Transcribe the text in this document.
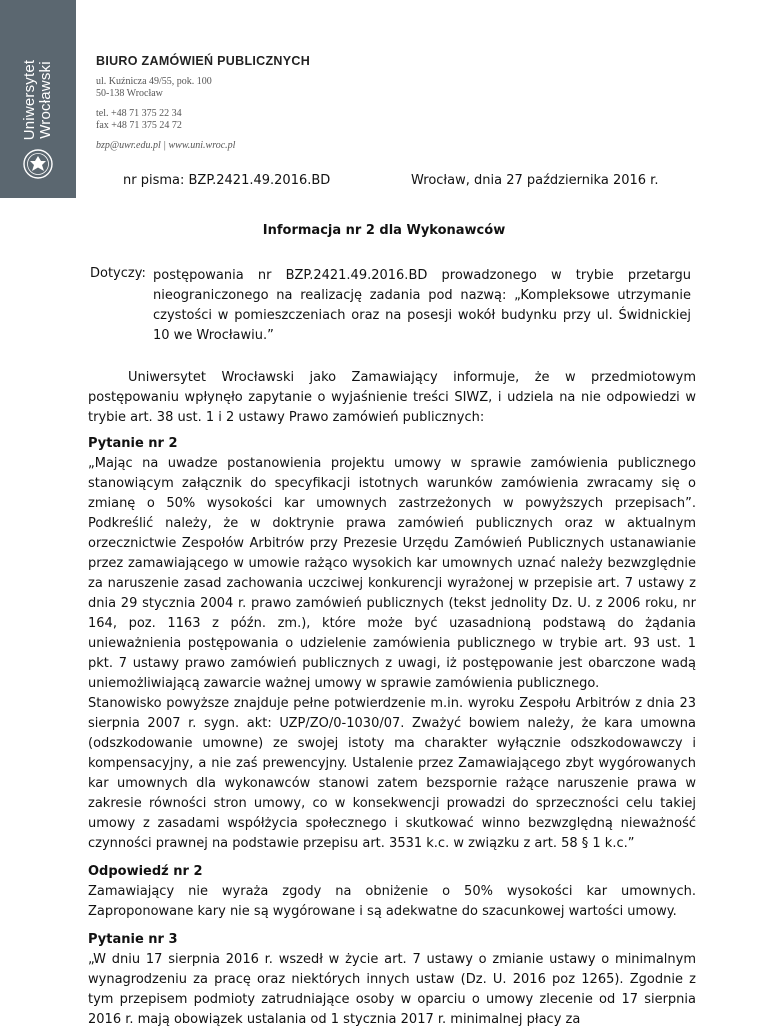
Uniwersytet Wrocławski
BIURO ZAMÓWIEŃ PUBLICZNYCH
ul. Kuźnicza 49/55, pok. 100
50-138 Wrocław
tel. +48 71 375 22 34
fax +48 71 375 24 72
bzp@uwr.edu.pl | www.uni.wroc.pl
nr pisma: BZP.2421.49.2016.BD	Wrocław, dnia 27 października 2016 r.
Informacja nr 2 dla Wykonawców
Dotyczy: postępowania nr BZP.2421.49.2016.BD prowadzonego w trybie przetargu nieograniczonego na realizację zadania pod nazwą: „Kompleksowe utrzymanie czystości w pomieszczeniach oraz na posesji wokół budynku przy ul. Świdnickiej 10 we Wrocławiu.”

Uniwersytet Wrocławski jako Zamawiający informuje, że w przedmiotowym postępowaniu wpłynęło zapytanie o wyjaśnienie treści SIWZ, i udziela na nie odpowiedzi w trybie art. 38 ust. 1 i 2 ustawy Prawo zamówień publicznych:

Pytanie nr 2

„Mając na uwadze postanowienia projektu umowy w sprawie zamówienia publicznego stanowiącym załącznik do specyfikacji istotnych warunków zamówienia zwracamy się o zmianę o 50% wysokości kar umownych zastrzeżonych w powyższych przepisach”. Podkreślić należy, że w doktrynie prawa zamówień publicznych oraz w aktualnym orzecznictwie Zespołów Arbitrów przy Prezesie Urzędu Zamówień Publicznych ustanawianie przez zamawiającego w umowie rażąco wysokich kar umownych uznać należy bezwzględnie za naruszenie zasad zachowania uczciwej konkurencji wyrażonej w przepisie art. 7 ustawy z dnia 29 stycznia 2004 r. prawo zamówień publicznych (tekst jednolity Dz. U. z 2006 roku, nr 164, poz. 1163 z późn. zm.), które może być uzasadnioną podstawą do żądania unieważnienia postępowania o udzielenie zamówienia publicznego w trybie art. 93 ust. 1 pkt. 7 ustawy prawo zamówień publicznych z uwagi, iż postępowanie jest obarczone wadą uniemożliwiającą zawarcie ważnej umowy w sprawie zamówienia publicznego.

Stanowisko powyższe znajduje pełne potwierdzenie m.in. wyroku Zespołu Arbitrów z dnia 23 sierpnia 2007 r. sygn. akt: UZP/ZO/0-1030/07. Zważyć bowiem należy, że kara umowna (odszkodowanie umowne) ze swojej istoty ma charakter wyłącznie odszkodowawczy i kompensacyjny, a nie zaś prewencyjny. Ustalenie przez Zamawiającego zbyt wygórowanych kar umownych dla wykonawców stanowi zatem bezspornie rażące naruszenie prawa w zakresie równości stron umowy, co w konsekwencji prowadzi do sprzeczności celu takiej umowy z zasadami współżycia społecznego i skutkować winno bezwzględną nieważność czynności prawnej na podstawie przepisu art. 3531 k.c. w związku z art. 58 § 1 k.c.”

Odpowiedź nr 2

Zamawiający nie wyraża zgody na obniżenie o 50% wysokości kar umownych. Zaproponowane kary nie są wygórowane i są adekwatne do szacunkowej wartości umowy.

Pytanie nr 3

„W dniu 17 sierpnia 2016 r. wszedł w życie art. 7 ustawy o zmianie ustawy o minimalnym wynagrodzeniu za pracę oraz niektórych innych ustaw (Dz. U. 2016 poz 1265). Zgodnie z tym przepisem podmioty zatrudniające osoby w oparciu o umowy zlecenie od 17 sierpnia 2016 r. mają obowiązek ustalania od 1 stycznia 2017 r. minimalnej płacy za
